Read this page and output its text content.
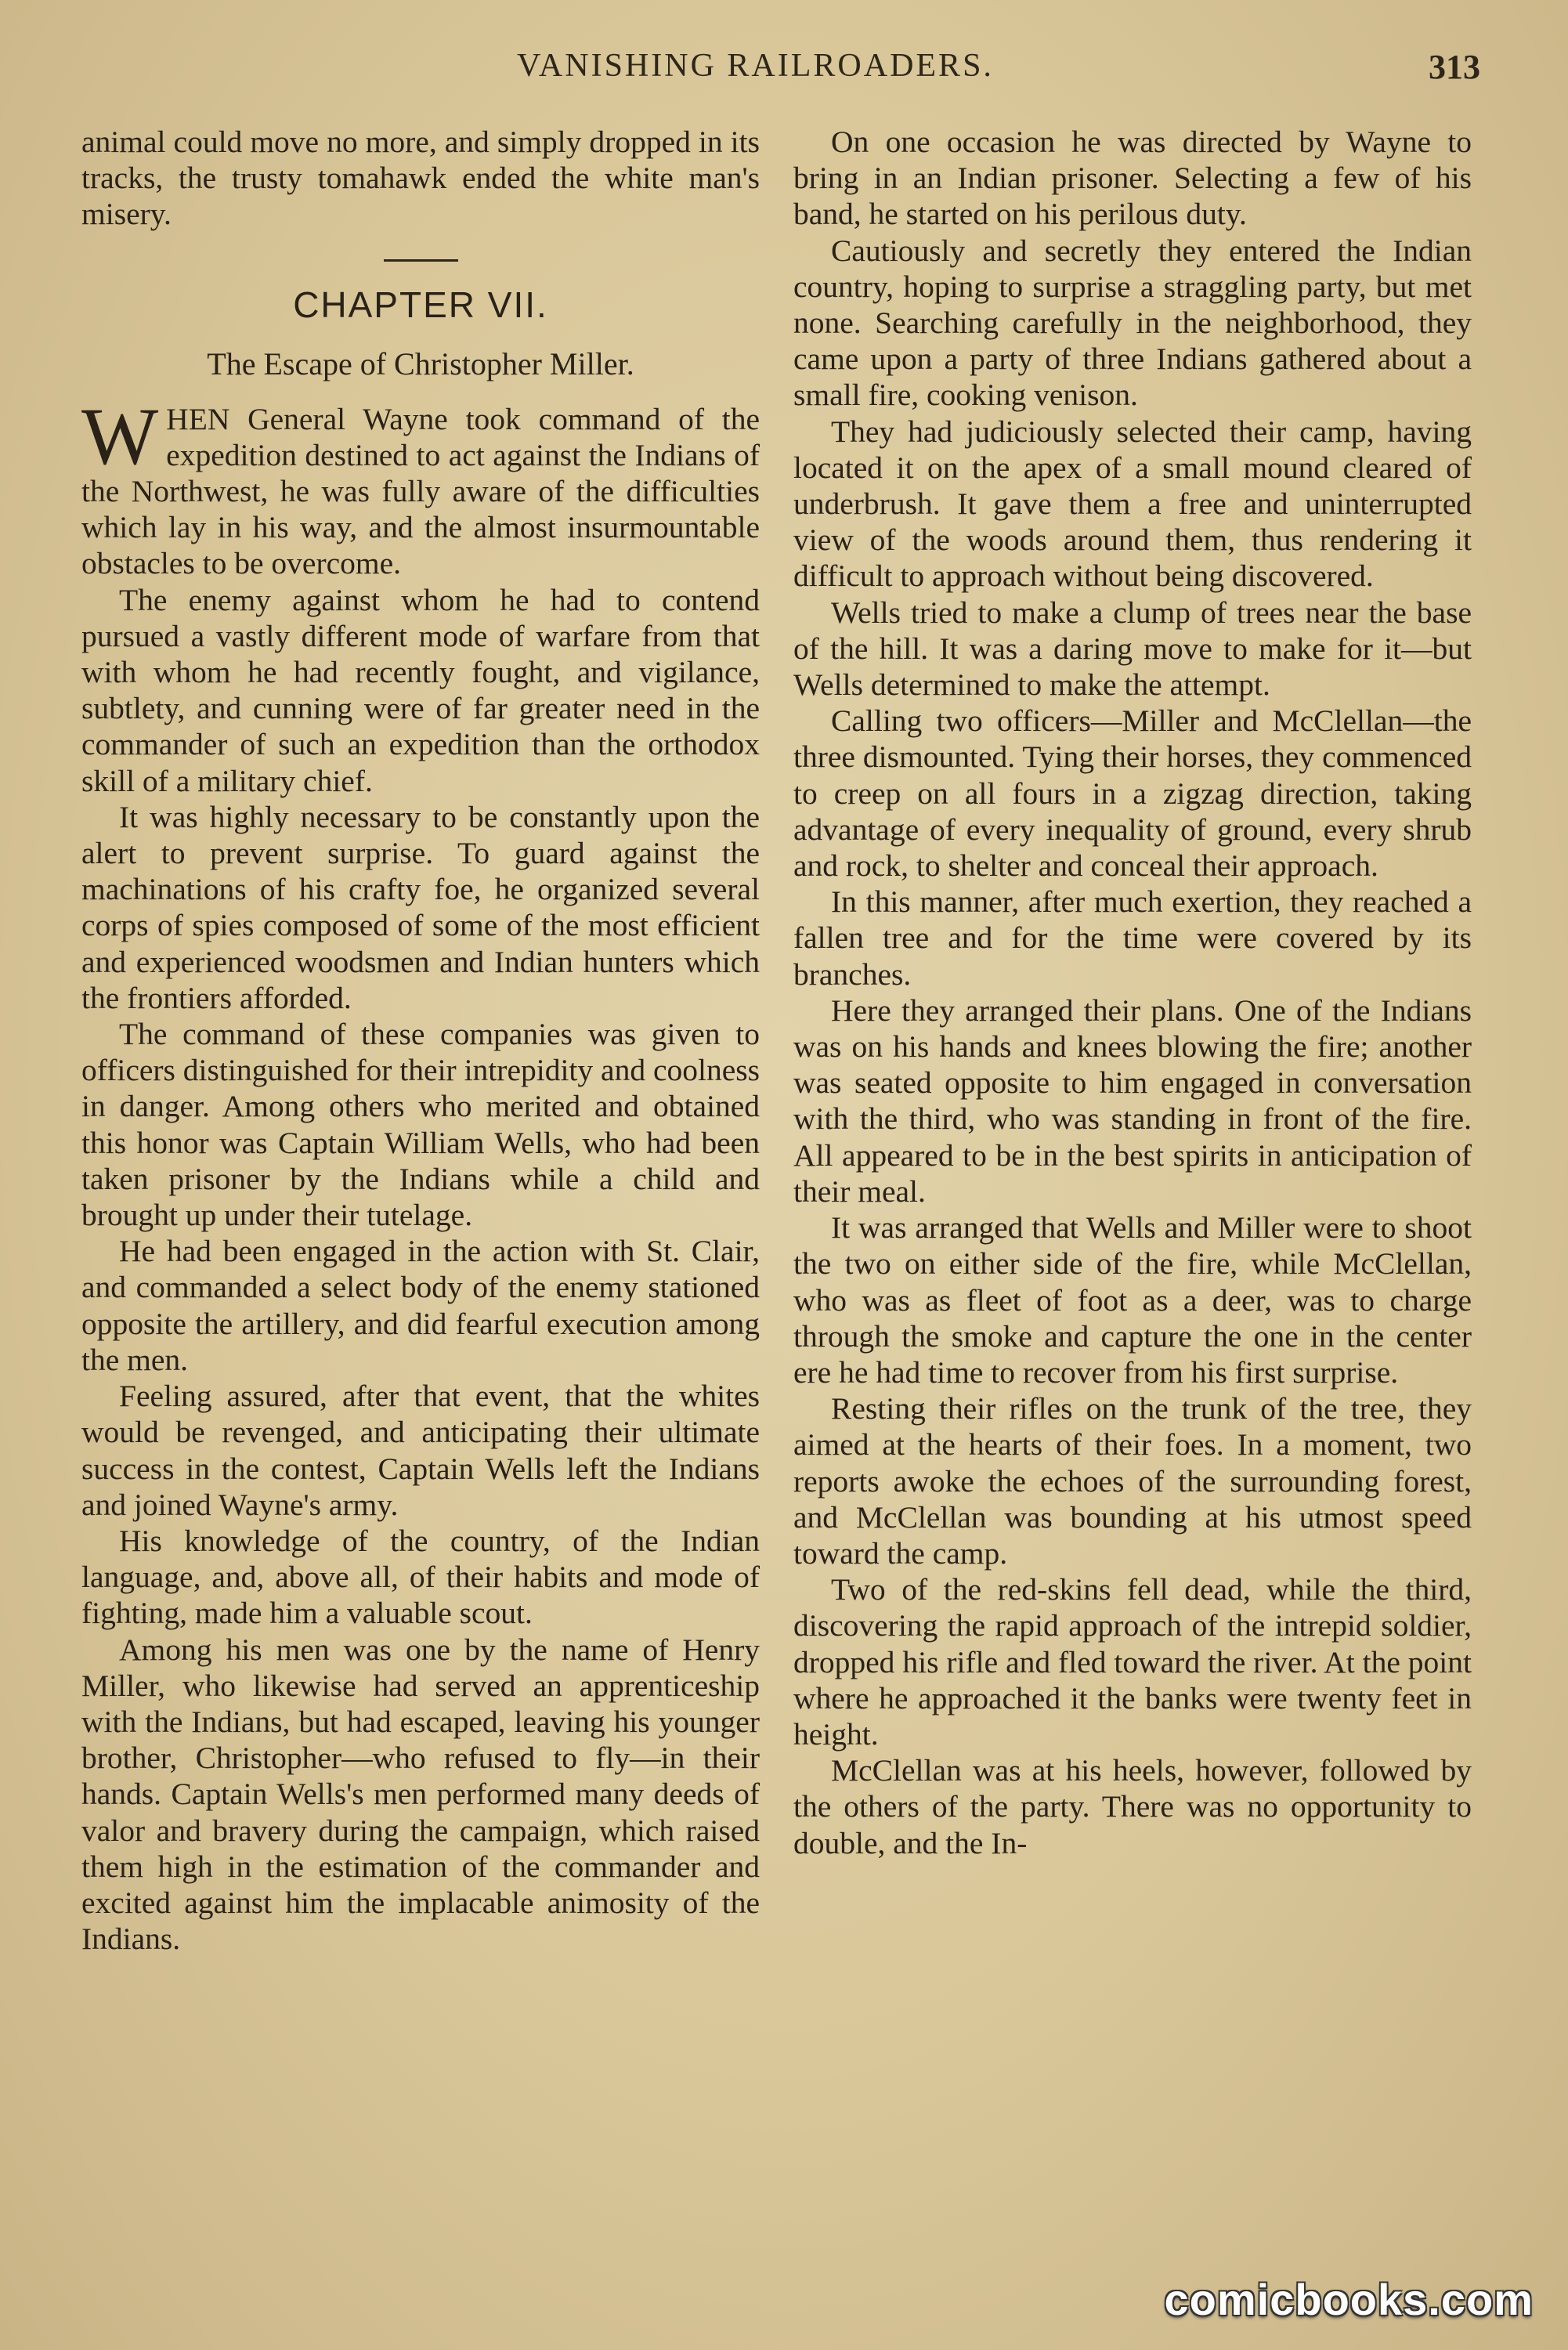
VANISHING RAILROADERS.	313

animal could move no more, and simply dropped in its tracks, the trusty tomahawk ended the white man's misery.

CHAPTER VII.
The Escape of Christopher Miller.

WHEN General Wayne took command of the expedition destined to act against the Indians of the Northwest, he was fully aware of the difficulties which lay in his way, and the almost insurmountable obstacles to be overcome.

The enemy against whom he had to contend pursued a vastly different mode of warfare from that with whom he had recently fought, and vigilance, subtlety, and cunning were of far greater need in the commander of such an expedition than the orthodox skill of a military chief.

It was highly necessary to be constantly upon the alert to prevent surprise. To guard against the machinations of his crafty foe, he organized several corps of spies composed of some of the most efficient and experienced woodsmen and Indian hunters which the frontiers afforded.

The command of these companies was given to officers distinguished for their intrepidity and coolness in danger. Among others who merited and obtained this honor was Captain William Wells, who had been taken prisoner by the Indians while a child and brought up under their tutelage.

He had been engaged in the action with St. Clair, and commanded a select body of the enemy stationed opposite the artillery, and did fearful execution among the men.

Feeling assured, after that event, that the whites would be revenged, and anticipating their ultimate success in the contest, Captain Wells left the Indians and joined Wayne's army.

His knowledge of the country, of the Indian language, and, above all, of their habits and mode of fighting, made him a valuable scout.

Among his men was one by the name of Henry Miller, who likewise had served an apprenticeship with the Indians, but had escaped, leaving his younger brother, Christopher—who refused to fly—in their hands. Captain Wells's men performed many deeds of valor and bravery during the campaign, which raised them high in the estimation of the commander and excited against him the implacable animosity of the Indians.

On one occasion he was directed by Wayne to bring in an Indian prisoner. Selecting a few of his band, he started on his perilous duty.

Cautiously and secretly they entered the Indian country, hoping to surprise a straggling party, but met none. Searching carefully in the neighborhood, they came upon a party of three Indians gathered about a small fire, cooking venison.

They had judiciously selected their camp, having located it on the apex of a small mound cleared of underbrush. It gave them a free and uninterrupted view of the woods around them, thus rendering it difficult to approach without being discovered.

Wells tried to make a clump of trees near the base of the hill. It was a daring move to make for it—but Wells determined to make the attempt.

Calling two officers—Miller and McClellan—the three dismounted. Tying their horses, they commenced to creep on all fours in a zigzag direction, taking advantage of every inequality of ground, every shrub and rock, to shelter and conceal their approach.

In this manner, after much exertion, they reached a fallen tree and for the time were covered by its branches.

Here they arranged their plans. One of the Indians was on his hands and knees blowing the fire; another was seated opposite to him engaged in conversation with the third, who was standing in front of the fire. All appeared to be in the best spirits in anticipation of their meal.

It was arranged that Wells and Miller were to shoot the two on either side of the fire, while McClellan, who was as fleet of foot as a deer, was to charge through the smoke and capture the one in the center ere he had time to recover from his first surprise.

Resting their rifles on the trunk of the tree, they aimed at the hearts of their foes. In a moment, two reports awoke the echoes of the surrounding forest, and McClellan was bounding at his utmost speed toward the camp.

Two of the red-skins fell dead, while the third, discovering the rapid approach of the intrepid soldier, dropped his rifle and fled toward the river. At the point where he approached it the banks were twenty feet in height.

McClellan was at his heels, however, followed by the others of the party. There was no opportunity to double, and the In-

comicbooks.com
